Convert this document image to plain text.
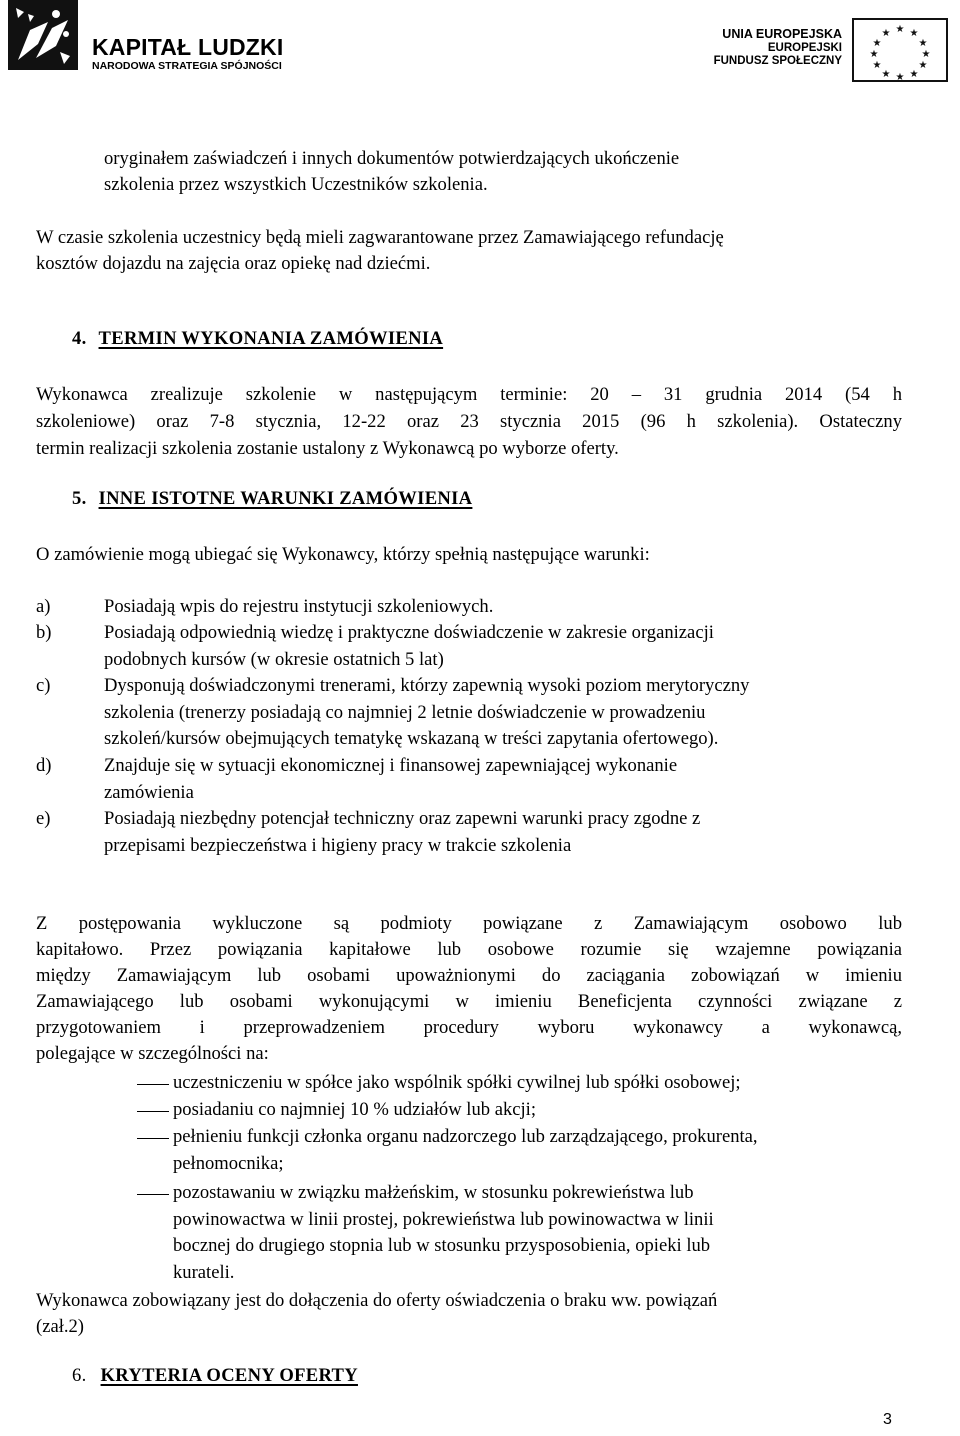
KAPITAŁ LUDZKI
NARODOWA STRATEGIA SPÓJNOŚCI
UNIA EUROPEJSKA
EUROPEJSKI
FUNDUSZ SPOŁECZNY
★ ★
★
★
★
★
★
★
★
★
★
★
oryginałem zaświadczeń i innych dokumentów potwierdzających ukończenie
szkolenia przez wszystkich Uczestników szkolenia.
W czasie szkolenia uczestnicy będą mieli zagwarantowane przez Zamawiającego refundację
kosztów dojazdu na zajęcia oraz opiekę nad dziećmi.
4. TERMIN WYKONANIA ZAMÓWIENIA
Wykonawca zrealizuje szkolenie w następującym terminie: 20 – 31 grudnia 2014 (54 h
szkoleniowe) oraz 7-8 stycznia, 12-22 oraz 23 stycznia 2015 (96 h szkolenia). Ostateczny
termin realizacji szkolenia zostanie ustalony z Wykonawcą po wyborze oferty.
5. INNE ISTOTNE WARUNKI ZAMÓWIENIA
O zamówienie mogą ubiegać się Wykonawcy, którzy spełnią następujące warunki:
a)	Posiadają wpis do rejestru instytucji szkoleniowych.
b)	Posiadają odpowiednią wiedzę i praktyczne doświadczenie w zakresie organizacji
podobnych kursów (w okresie ostatnich 5 lat)
c)	Dysponują doświadczonymi trenerami, którzy zapewnią wysoki poziom merytoryczny
szkolenia (trenerzy posiadają co najmniej 2 letnie doświadczenie w prowadzeniu
szkoleń/kursów obejmujących tematykę wskazaną w treści zapytania ofertowego).
d)	Znajduje się w sytuacji ekonomicznej i finansowej zapewniającej wykonanie
zamówienia
e)	Posiadają niezbędny potencjał techniczny oraz zapewni warunki pracy zgodne z
przepisami bezpieczeństwa i higieny pracy w trakcie szkolenia
Z postępowania wykluczone są podmioty powiązane z Zamawiającym osobowo lub
kapitałowo. Przez powiązania kapitałowe lub osobowe rozumie się wzajemne powiązania
między Zamawiającym lub osobami upoważnionymi do zaciągania zobowiązań w imieniu
Zamawiającego lub osobami wykonującymi w imieniu Beneficjenta czynności związane z
przygotowaniem i przeprowadzeniem procedury wyboru wykonawcy a wykonawcą,
polegające w szczególności na:
uczestniczeniu w spółce jako wspólnik spółki cywilnej lub spółki osobowej;
posiadaniu co najmniej 10 % udziałów lub akcji;
pełnieniu funkcji członka organu nadzorczego lub zarządzającego, prokurenta,
pełnomocnika;
pozostawaniu w związku małżeńskim, w stosunku pokrewieństwa lub
powinowactwa w linii prostej, pokrewieństwa lub powinowactwa w linii
bocznej do drugiego stopnia lub w stosunku przysposobienia, opieki lub
kurateli.
Wykonawca zobowiązany jest do dołączenia do oferty oświadczenia o braku ww. powiązań
(zał.2)
6. KRYTERIA OCENY OFERTY
3
